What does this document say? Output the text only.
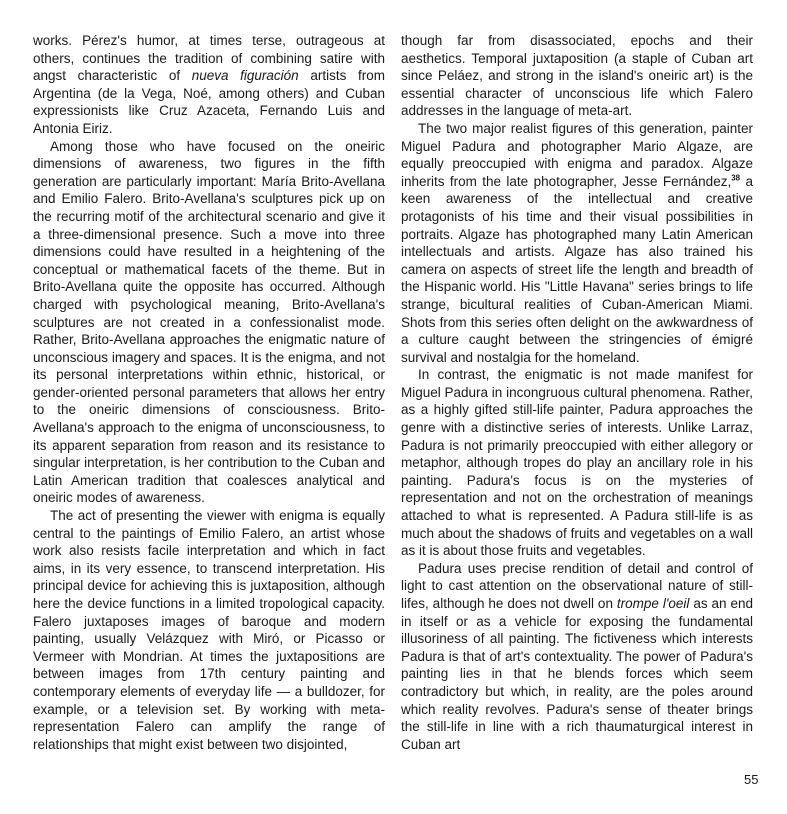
works. Pérez's humor, at times terse, outrageous at others, continues the tradition of combining satire with angst characteristic of nueva figuración artists from Argentina (de la Vega, Noé, among others) and Cuban expressionists like Cruz Azaceta, Fernando Luis and Antonia Eiriz.

Among those who have focused on the oneiric dimensions of awareness, two figures in the fifth generation are particularly important: María Brito-Avellana and Emilio Falero. Brito-Avellana's sculptures pick up on the recurring motif of the architectural scenario and give it a three-dimensional presence. Such a move into three dimensions could have resulted in a heightening of the conceptual or mathematical facets of the theme. But in Brito-Avellana quite the opposite has occurred. Although charged with psychological meaning, Brito-Avellana's sculptures are not created in a confessionalist mode. Rather, Brito-Avellana approaches the enigmatic nature of unconscious imagery and spaces. It is the enigma, and not its personal interpretations within ethnic, historical, or gender-oriented personal parameters that allows her entry to the oneiric dimensions of consciousness. Brito-Avellana's approach to the enigma of unconsciousness, to its apparent separation from reason and its resistance to singular interpretation, is her contribution to the Cuban and Latin American tradition that coalesces analytical and oneiric modes of awareness.

The act of presenting the viewer with enigma is equally central to the paintings of Emilio Falero, an artist whose work also resists facile interpretation and which in fact aims, in its very essence, to transcend interpretation. His principal device for achieving this is juxtaposition, although here the device functions in a limited tropological capacity. Falero juxtaposes images of baroque and modern painting, usually Velázquez with Miró, or Picasso or Vermeer with Mondrian. At times the juxtapositions are between images from 17th century painting and contemporary elements of everyday life — a bulldozer, for example, or a television set. By working with meta-representation Falero can amplify the range of relationships that might exist between two disjointed,

though far from disassociated, epochs and their aesthetics. Temporal juxtaposition (a staple of Cuban art since Peláez, and strong in the island's oneiric art) is the essential character of unconscious life which Falero addresses in the language of meta-art.

The two major realist figures of this generation, painter Miguel Padura and photographer Mario Algaze, are equally preoccupied with enigma and paradox. Algaze inherits from the late photographer, Jesse Fernández,$^{38}$ a keen awareness of the intellectual and creative protagonists of his time and their visual possibilities in portraits. Algaze has photographed many Latin American intellectuals and artists. Algaze has also trained his camera on aspects of street life the length and breadth of the Hispanic world. His "Little Havana" series brings to life strange, bicultural realities of Cuban-American Miami. Shots from this series often delight on the awkwardness of a culture caught between the stringencies of émigré survival and nostalgia for the homeland.

In contrast, the enigmatic is not made manifest for Miguel Padura in incongruous cultural phenomena. Rather, as a highly gifted still-life painter, Padura approaches the genre with a distinctive series of interests. Unlike Larraz, Padura is not primarily preoccupied with either allegory or metaphor, although tropes do play an ancillary role in his painting. Padura's focus is on the mysteries of representation and not on the orchestration of meanings attached to what is represented. A Padura still-life is as much about the shadows of fruits and vegetables on a wall as it is about those fruits and vegetables.

Padura uses precise rendition of detail and control of light to cast attention on the observational nature of still-lifes, although he does not dwell on trompe l'oeil as an end in itself or as a vehicle for exposing the fundamental illusoriness of all painting. The fictiveness which interests Padura is that of art's contextuality. The power of Padura's painting lies in that he blends forces which seem contradictory but which, in reality, are the poles around which reality revolves. Padura's sense of theater brings the still-life in line with a rich thaumaturgical interest in Cuban art

55
